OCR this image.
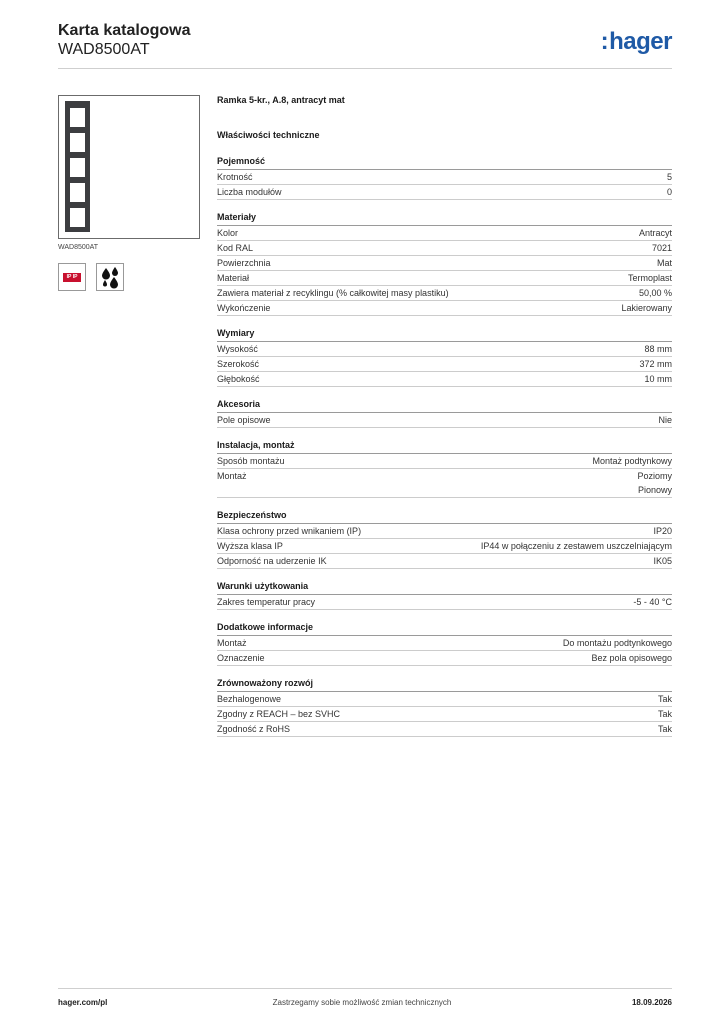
Karta katalogowa
WAD8500AT	:hager
WAD8500AT
IP IP
Ramka 5-kr., A.8, antracyt mat
Właściwości techniczne
Pojemność
Krotność	5
Liczba modułów	0
Materiały
Kolor	Antracyt
Kod RAL	7021
Powierzchnia	Mat
Materiał	Termoplast
Zawiera materiał z recyklingu (% całkowitej masy plastiku)	50,00 %
Wykończenie	Lakierowany
Wymiary
Wysokość	88 mm
Szerokość	372 mm
Głębokość	10 mm
Akcesoria
Pole opisowe	Nie
Instalacja, montaż
Sposób montażu	Montaż podtynkowy
Montaż	Poziomy
Pionowy
Bezpieczeństwo
Klasa ochrony przed wnikaniem (IP)	IP20
Wyższa klasa IP	IP44 w połączeniu z zestawem uszczelniającym
Odporność na uderzenie IK	IK05
Warunki użytkowania
Zakres temperatur pracy	-5 - 40 °C
Dodatkowe informacje
Montaż	Do montażu podtynkowego
Oznaczenie	Bez pola opisowego
Zrównoważony rozwój
Bezhalogenowe	Tak
Zgodny z REACH – bez SVHC	Tak
Zgodność z RoHS	Tak
hager.com/pl	Zastrzegamy sobie możliwość zmian technicznych	18.09.2026
